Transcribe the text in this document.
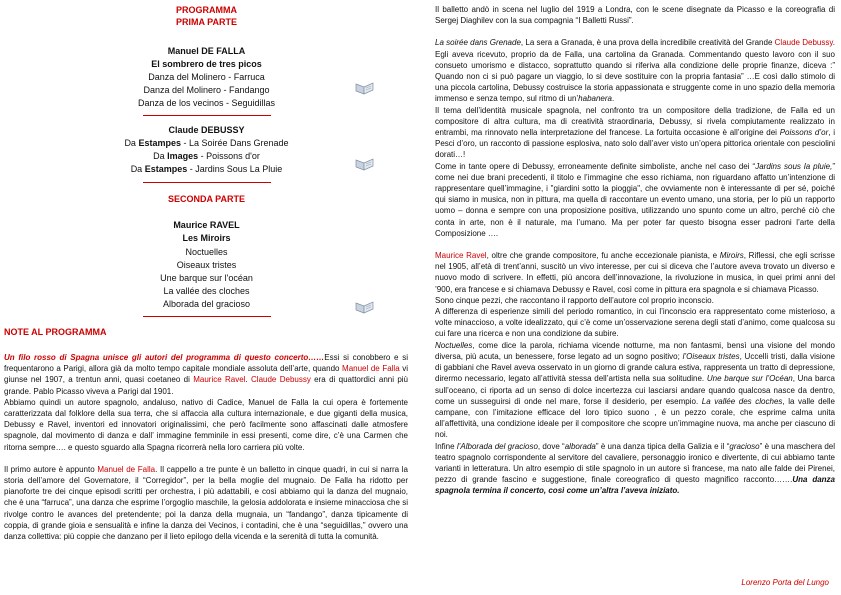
PROGRAMMA
PRIMA PARTE
Manuel DE FALLA
El sombrero de tres picos
Danza del Molinero - Farruca
Danza del Molinero - Fandango
Danza de los vecinos - Seguidillas
Claude DEBUSSY
Da Estampes - La Soirée Dans Grenade
Da Images - Poissons d'or
Da Estampes - Jardins Sous La Pluie
SECONDA PARTE
Maurice RAVEL
Les Miroirs
Noctuelles
Oiseaux tristes
Une barque sur l'océan
La vallée des cloches
Alborada del gracioso
NOTE AL PROGRAMMA

Un filo rosso di Spagna unisce gli autori del programma di questo concerto……Essi si conobbero e si frequentarono a Parigi, allora già da molto tempo capitale mondiale assoluta dell’arte, quando Manuel de Falla vi giunse nel 1907, a trentun anni, quasi coetaneo di Maurice Ravel. Claude Debussy era di quattordici anni più grande. Pablo Picasso viveva a Parigi dal 1901.

Abbiamo quindi un autore spagnolo, andaluso, nativo di Cadice, Manuel de Falla la cui opera è fortemente caratterizzata dal folklore della sua terra, che si affaccia alla cultura internazionale, e due giganti della musica, Debussy e Ravel, inventori ed innovatori originalissimi, che però facilmente sono affascinati dalle atmosfere spagnole, dal movimento di danza e dall’ immagine femminile in essi presenti, come dire, c’è una Carmen che ritorna sempre…. e questo sguardo alla Spagna ricorrerà nella loro carriera più volte.

Il primo autore è appunto Manuel de Falla. Il cappello a tre punte è un balletto in cinque quadri, in cui si narra la storia dell’amore del Governatore, il “Corregidor”, per la bella moglie del mugnaio. De Falla ha ridotto per pianoforte tre dei cinque episodi scritti per orchestra, i più adattabili, e così abbiamo qui la danza del mugnaio, che è una “farruca”, una danza che esprime l’orgoglio maschile, la gelosia addolorata e insieme minacciosa che si rivolge contro le avances del pretendente; poi la danza della mugnaia, un “fandango”, danza tipicamente di coppia, di grande gioia e sensualità e infine la danza dei Vecinos, i contadini, che è una “seguidillas,” ovvero una danza collettiva: più coppie che danzano per il lieto epilogo della vicenda e la serenità di tutta la comunità.

Il balletto andò in scena nel luglio del 1919 a Londra, con le scene disegnate da Picasso e la coreografia di Sergej Diaghilev con la sua compagnia “I Balletti Russi”.

La soirée dans Grenade, La sera a Granada, è una prova della incredibile creatività del Grande Claude Debussy. Egli aveva ricevuto, proprio da de Falla, una cartolina da Granada. Commentando questo lavoro con il suo consueto umorismo e distacco, soprattutto quando si riferiva alla condizione delle proprie finanze, diceva :” Quando non ci si può pagare un viaggio, lo si deve sostituire con la propria fantasia” …E così dallo stimolo di una piccola cartolina, Debussy costruisce la storia appassionata e struggente come in uno spazio della memoria immenso e senza tempo, sul ritmo di un’habanera.

Il tema dell’identità musicale spagnola, nel confronto tra un compositore della tradizione, de Falla ed un compositore di altra cultura, ma di creatività straordinaria, Debussy, si rivela compiutamente realizzato in entrambi, ma rinnovato nella interpretazione del francese. La fortuita occasione è all’origine dei Poissons d’or, i Pesci d’oro, un racconto di passione esplosiva, nato solo dall’aver visto un’opera pittorica orientale con pesciolini dorati…!

Come in tante opere di Debussy, erroneamente definite simboliste, anche nel caso dei “Jardins sous la pluie,” come nei due brani precedenti, il titolo e l’immagine che esso richiama, non riguardano affatto un’intenzione di rappresentare quell’immagine, i "giardini sotto la pioggia", che ovviamente non è interessante di per sé, poiché qui siamo in musica, non in pittura, ma quella di raccontare un evento umano, una storia, per lo più un rapporto uomo – donna e sempre con una proposizione positiva, utilizzando uno spunto come un altro, perché ciò che conta in arte, non è il naturale, ma l’umano. Ma per poter far questo bisogna esser padroni l’arte della Composizione ….

Maurice Ravel, oltre che grande compositore, fu anche eccezionale pianista, e Miroirs, Riflessi, che egli scrisse nel 1905, all’età di trent’anni, suscitò un vivo interesse, per cui si diceva che l’autore aveva trovato un diverso e nuovo modo di scrivere. In effetti, più ancora dell’innovazione, la rivoluzione in musica, in quei primi anni del ’900, era francese e si chiamava Debussy e Ravel, così come in pittura era spagnola e si chiamava Picasso.

Sono cinque pezzi, che raccontano il rapporto dell’autore col proprio inconscio.

A differenza di esperienze simili del periodo romantico, in cui l’inconscio era rappresentato come misterioso, a volte minaccioso, a volte idealizzato, qui c’è come un’osservazione serena degli stati d’animo, come qualcosa su cui fare una ricerca e non una condizione da subire.

Noctuelles, come dice la parola, richiama vicende notturne, ma non fantasmi, bensì una visione del mondo diversa, più acuta, un benessere, forse legato ad un sogno positivo; l’Oiseaux tristes, Uccelli tristi, dalla visione di gabbiani che Ravel aveva osservato in un giorno di grande calura estiva, rappresenta un tratto di depressione, dirermo necessario, legato all’attività stessa dell’artista nella sua solitudine. Une barque sur l’Océan, Una barca sull’oceano, ci riporta ad un senso di dolce incertezza cui lasciarsi andare quando qualcosa nasce da dentro, come un susseguirsi di onde nel mare, forse il desiderio, per esempio. La vallée des cloches, la valle delle campane, con l’imitazione efficace del loro tipico suono , è un pezzo corale, che esprime calma unita all’affettività, una condizione ideale per il compositore che scopre un’immagine nuova, ma anche per ciascuno di noi.

Infine l’Alborada del gracioso, dove “alborada” è una danza tipica della Galizia e il “gracioso” è una maschera del teatro spagnolo corrispondente al servitore del cavaliere, personaggio ironico e divertente, di cui abbiamo tante varianti in letteratura. Un altro esempio di stile spagnolo in un autore sì francese, ma nato alle falde dei Pirenei, pezzo di grande fascino e suggestione, finale coreografico di questo magnifico racconto…….Una danza spagnola termina il concerto, così come un’altra l’aveva iniziato.

Lorenzo Porta del Lungo
